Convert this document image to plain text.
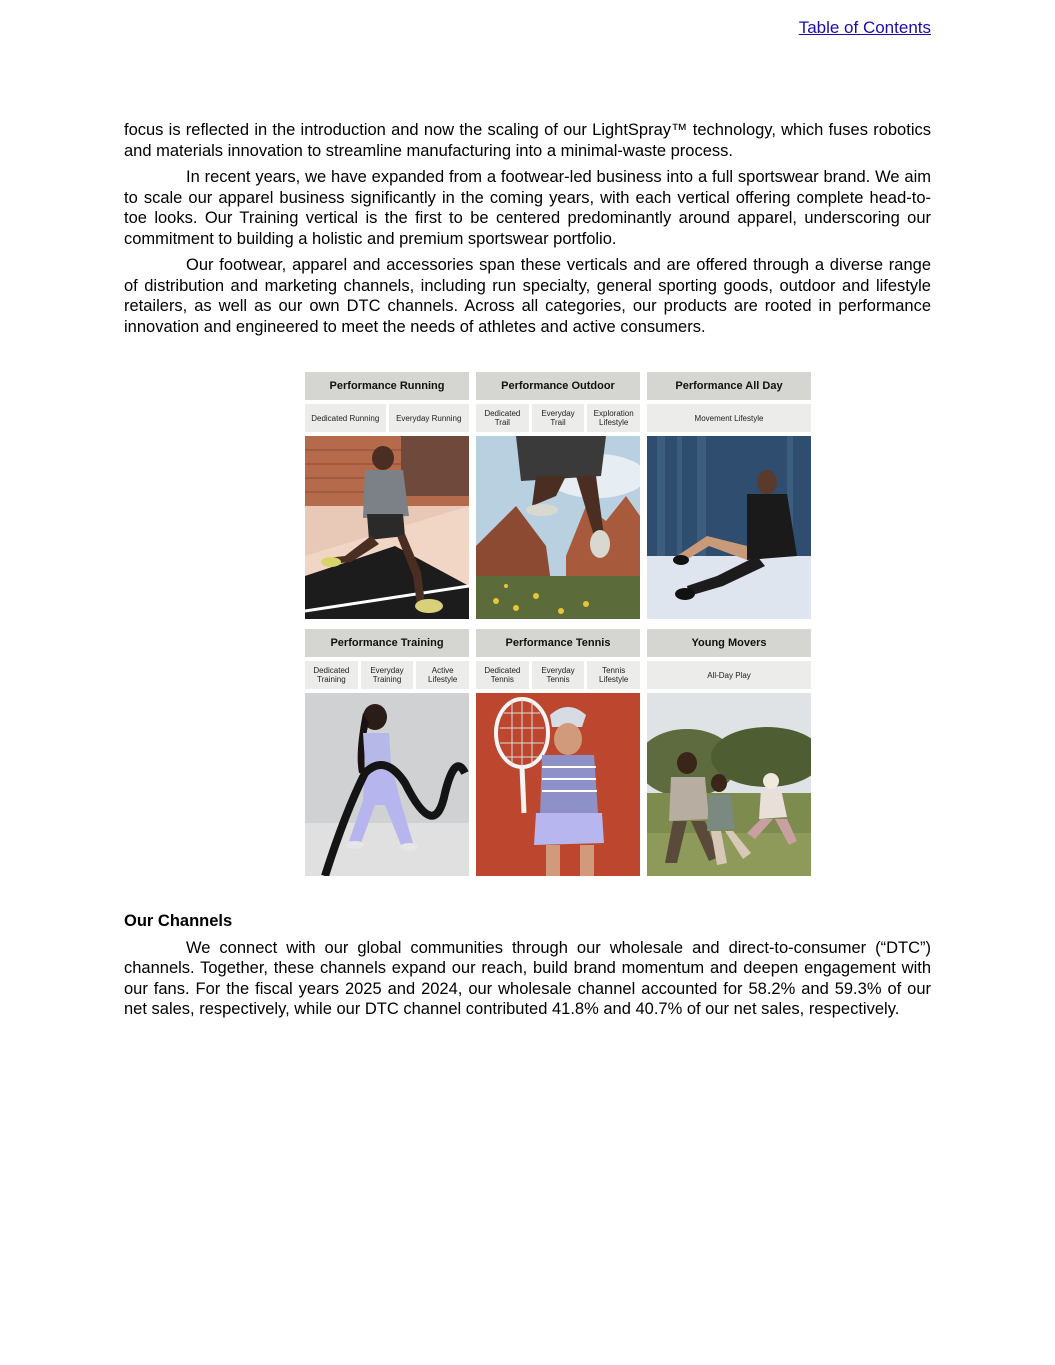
Table of Contents

focus is reflected in the introduction and now the scaling of our LightSpray™ technology, which fuses robotics and materials innovation to streamline manufacturing into a minimal-waste process.

In recent years, we have expanded from a footwear-led business into a full sportswear brand. We aim to scale our apparel business significantly in the coming years, with each vertical offering complete head-to-toe looks. Our Training vertical is the first to be centered predominantly around apparel, underscoring our commitment to building a holistic and premium sportswear portfolio.

Our footwear, apparel and accessories span these verticals and are offered through a diverse range of distribution and marketing channels, including run specialty, general sporting goods, outdoor and lifestyle retailers, as well as our own DTC channels. Across all categories, our products are rooted in performance innovation and engineered to meet the needs of athletes and active consumers.

Performance Running
Dedicated Running	Everyday Running
Performance Outdoor
Dedicated Trail
Everyday Trail
Exploration Lifestyle
Performance All Day
Movement Lifestyle
Performance Training
Dedicated Training
Everyday Training
Active Lifestyle
Performance Tennis
Dedicated Tennis
Everyday Tennis
Tennis Lifestyle
Young Movers
All-Day Play
Our Channels

We connect with our global communities through our wholesale and direct-to-consumer (“DTC”) channels. Together, these channels expand our reach, build brand momentum and deepen engagement with our fans. For the fiscal years 2025 and 2024, our wholesale channel accounted for 58.2% and 59.3% of our net sales, respectively, while our DTC channel contributed 41.8% and 40.7% of our net sales, respectively.
